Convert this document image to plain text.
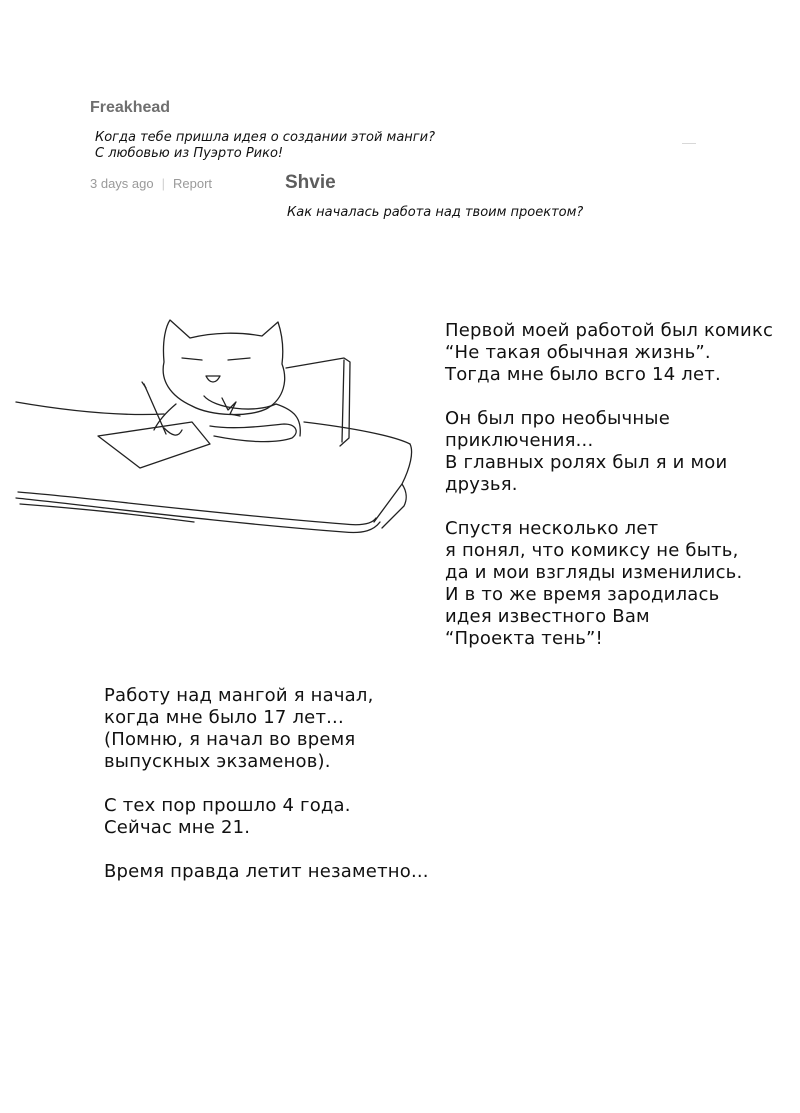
Freakhead
Когда тебе пришла идея о создании этой манги?
С любовью из Пуэрто Рико!
3 days ago | Report	Shvie
Как началась работа над твоим проектом?
Первой моей работой был комикс
“Не такая обычная жизнь”.
Тогда мне было всго 14 лет.
Он был про необычные
приключения...
В главных ролях был я и мои
друзья.
Спустя несколько лет
я понял, что комиксу не быть,
да и мои взгляды изменились.
И в то же время зародилась
идея известного Вам
“Проекта тень”!
Работу над мангой я начал,
когда мне было 17 лет...
(Помню, я начал во время
выпускных экзаменов).
С тех пор прошло 4 года.
Сейчас мне 21.
Время правда летит незаметно...
